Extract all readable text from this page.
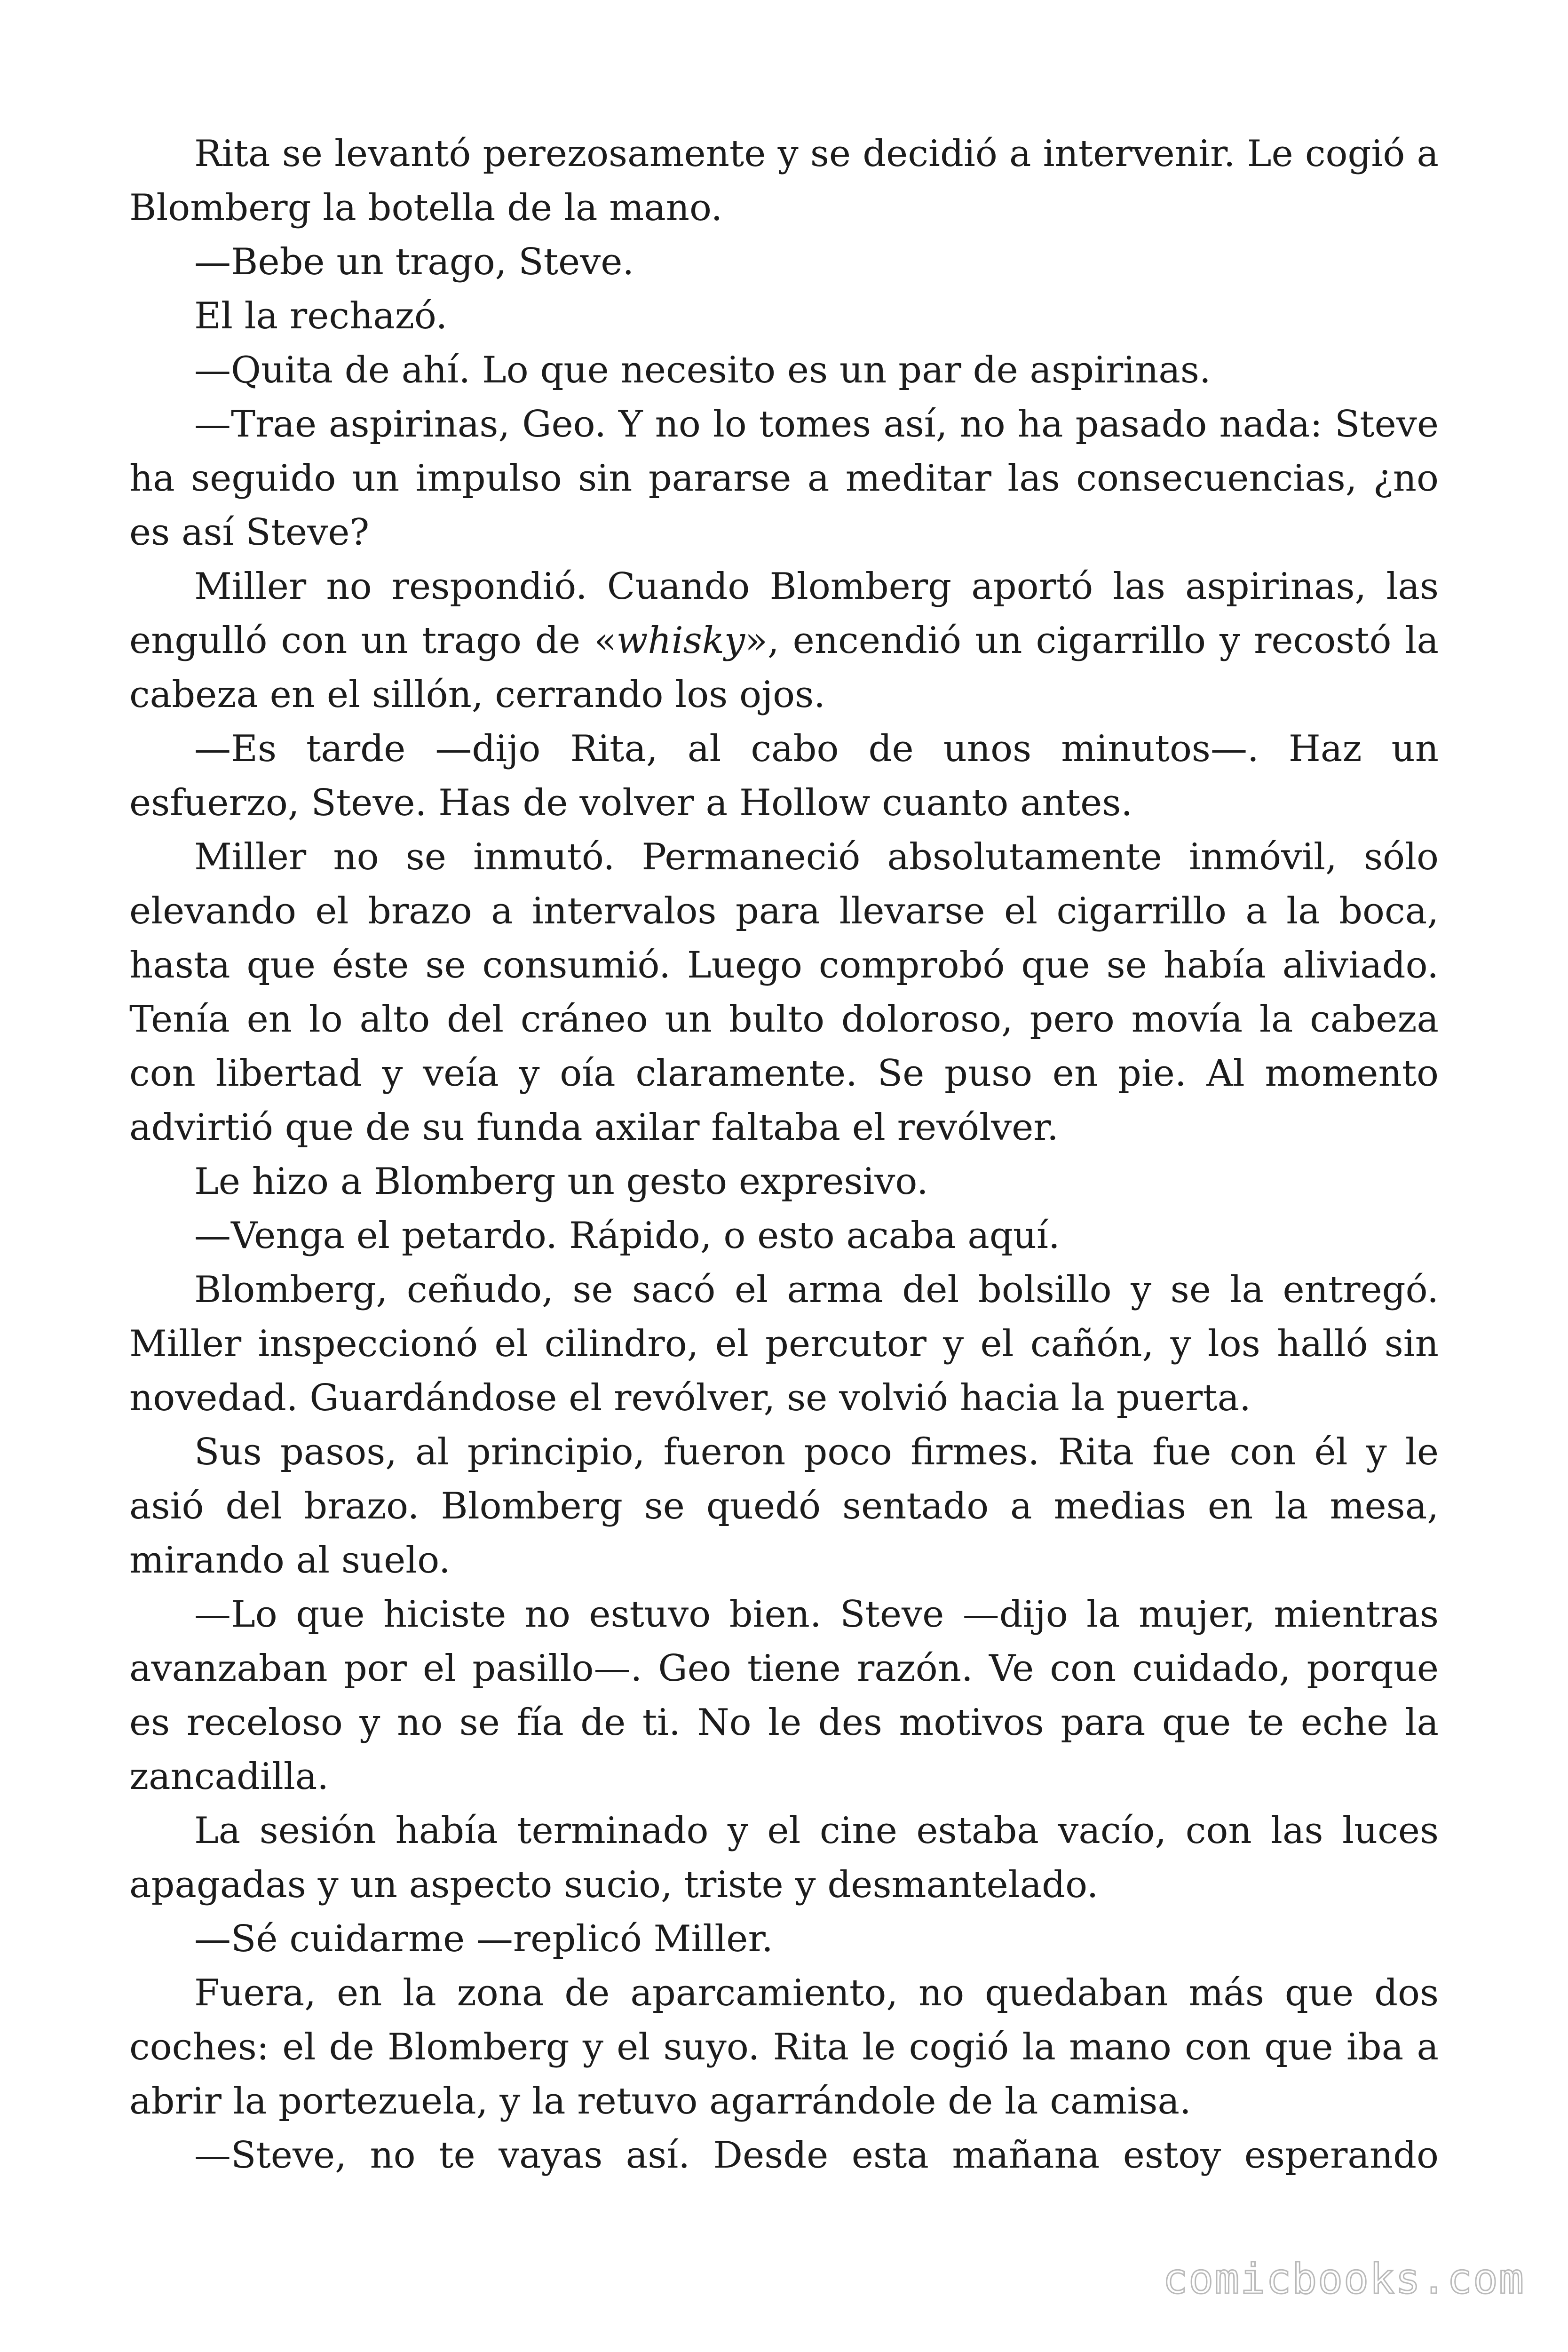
Rita se levantó perezosamente y se decidió a intervenir. Le cogió a Blomberg la botella de la mano.

—Bebe un trago, Steve.

El la rechazó.

—Quita de ahí. Lo que necesito es un par de aspirinas.

—Trae aspirinas, Geo. Y no lo tomes así, no ha pasado nada: Steve ha seguido un impulso sin pararse a meditar las consecuencias, ¿no es así Steve?

Miller no respondió. Cuando Blomberg aportó las aspirinas, las engulló con un trago de «whisky», encendió un cigarrillo y recostó la cabeza en el sillón, cerrando los ojos.

—Es tarde —dijo Rita, al cabo de unos minutos—. Haz un esfuerzo, Steve. Has de volver a Hollow cuanto antes.

Miller no se inmutó. Permaneció absolutamente inmóvil, sólo elevando el brazo a intervalos para llevarse el cigarrillo a la boca, hasta que éste se consumió. Luego comprobó que se había aliviado. Tenía en lo alto del cráneo un bulto doloroso, pero movía la cabeza con libertad y veía y oía claramente. Se puso en pie. Al momento advirtió que de su funda axilar faltaba el revólver.

Le hizo a Blomberg un gesto expresivo.

—Venga el petardo. Rápido, o esto acaba aquí.

Blomberg, ceñudo, se sacó el arma del bolsillo y se la entregó. Miller inspeccionó el cilindro, el percutor y el cañón, y los halló sin novedad. Guardándose el revólver, se volvió hacia la puerta.

Sus pasos, al principio, fueron poco firmes. Rita fue con él y le asió del brazo. Blomberg se quedó sentado a medias en la mesa, mirando al suelo.

—Lo que hiciste no estuvo bien. Steve —dijo la mujer, mientras avanzaban por el pasillo—. Geo tiene razón. Ve con cuidado, porque es receloso y no se fía de ti. No le des motivos para que te eche la zancadilla.

La sesión había terminado y el cine estaba vacío, con las luces apagadas y un aspecto sucio, triste y desmantelado.

—Sé cuidarme —replicó Miller.

Fuera, en la zona de aparcamiento, no quedaban más que dos coches: el de Blomberg y el suyo. Rita le cogió la mano con que iba a abrir la portezuela, y la retuvo agarrándole de la camisa.

—Steve, no te vayas así. Desde esta mañana estoy esperando

comicbooks.com
